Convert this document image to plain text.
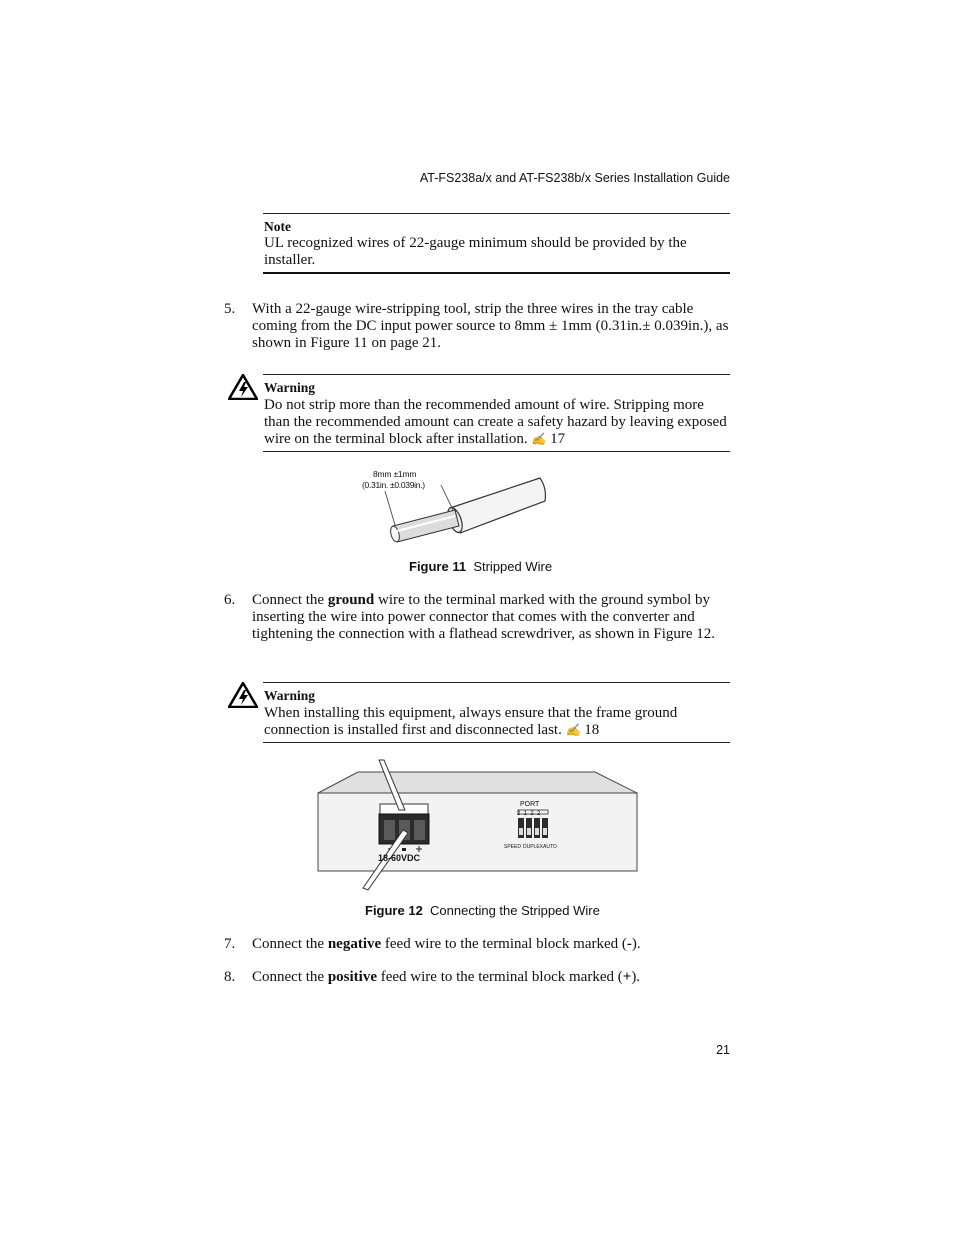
AT-FS238a/x and AT-FS238b/x Series Installation Guide
Note
UL recognized wires of 22-gauge minimum should be provided by the installer.
5. With a 22-gauge wire-stripping tool, strip the three wires in the tray cable coming from the DC input power source to 8mm ± 1mm (0.31in.± 0.039in.), as shown in Figure 11 on page 21.
Warning
Do not strip more than the recommended amount of wire. Stripping more than the recommended amount can create a safety hazard by leaving exposed wire on the terminal block after installation. ✍ 17
8mm ±1mm
(0.31in. ±0.039in.)
Figure 11 Stripped Wire
6. Connect the ground wire to the terminal marked with the ground symbol by inserting the wire into power connector that comes with the converter and tightening the connection with a flathead screwdriver, as shown in Figure 12.
Warning
When installing this equipment, always ensure that the frame ground connection is installed first and disconnected last. ✍ 18
18-60VDC
PORT
2  1  2  2
SPEED DUPLEX AUTO
Figure 12 Connecting the Stripped Wire
7. Connect the negative feed wire to the terminal block marked (-).
8. Connect the positive feed wire to the terminal block marked (+).
21
